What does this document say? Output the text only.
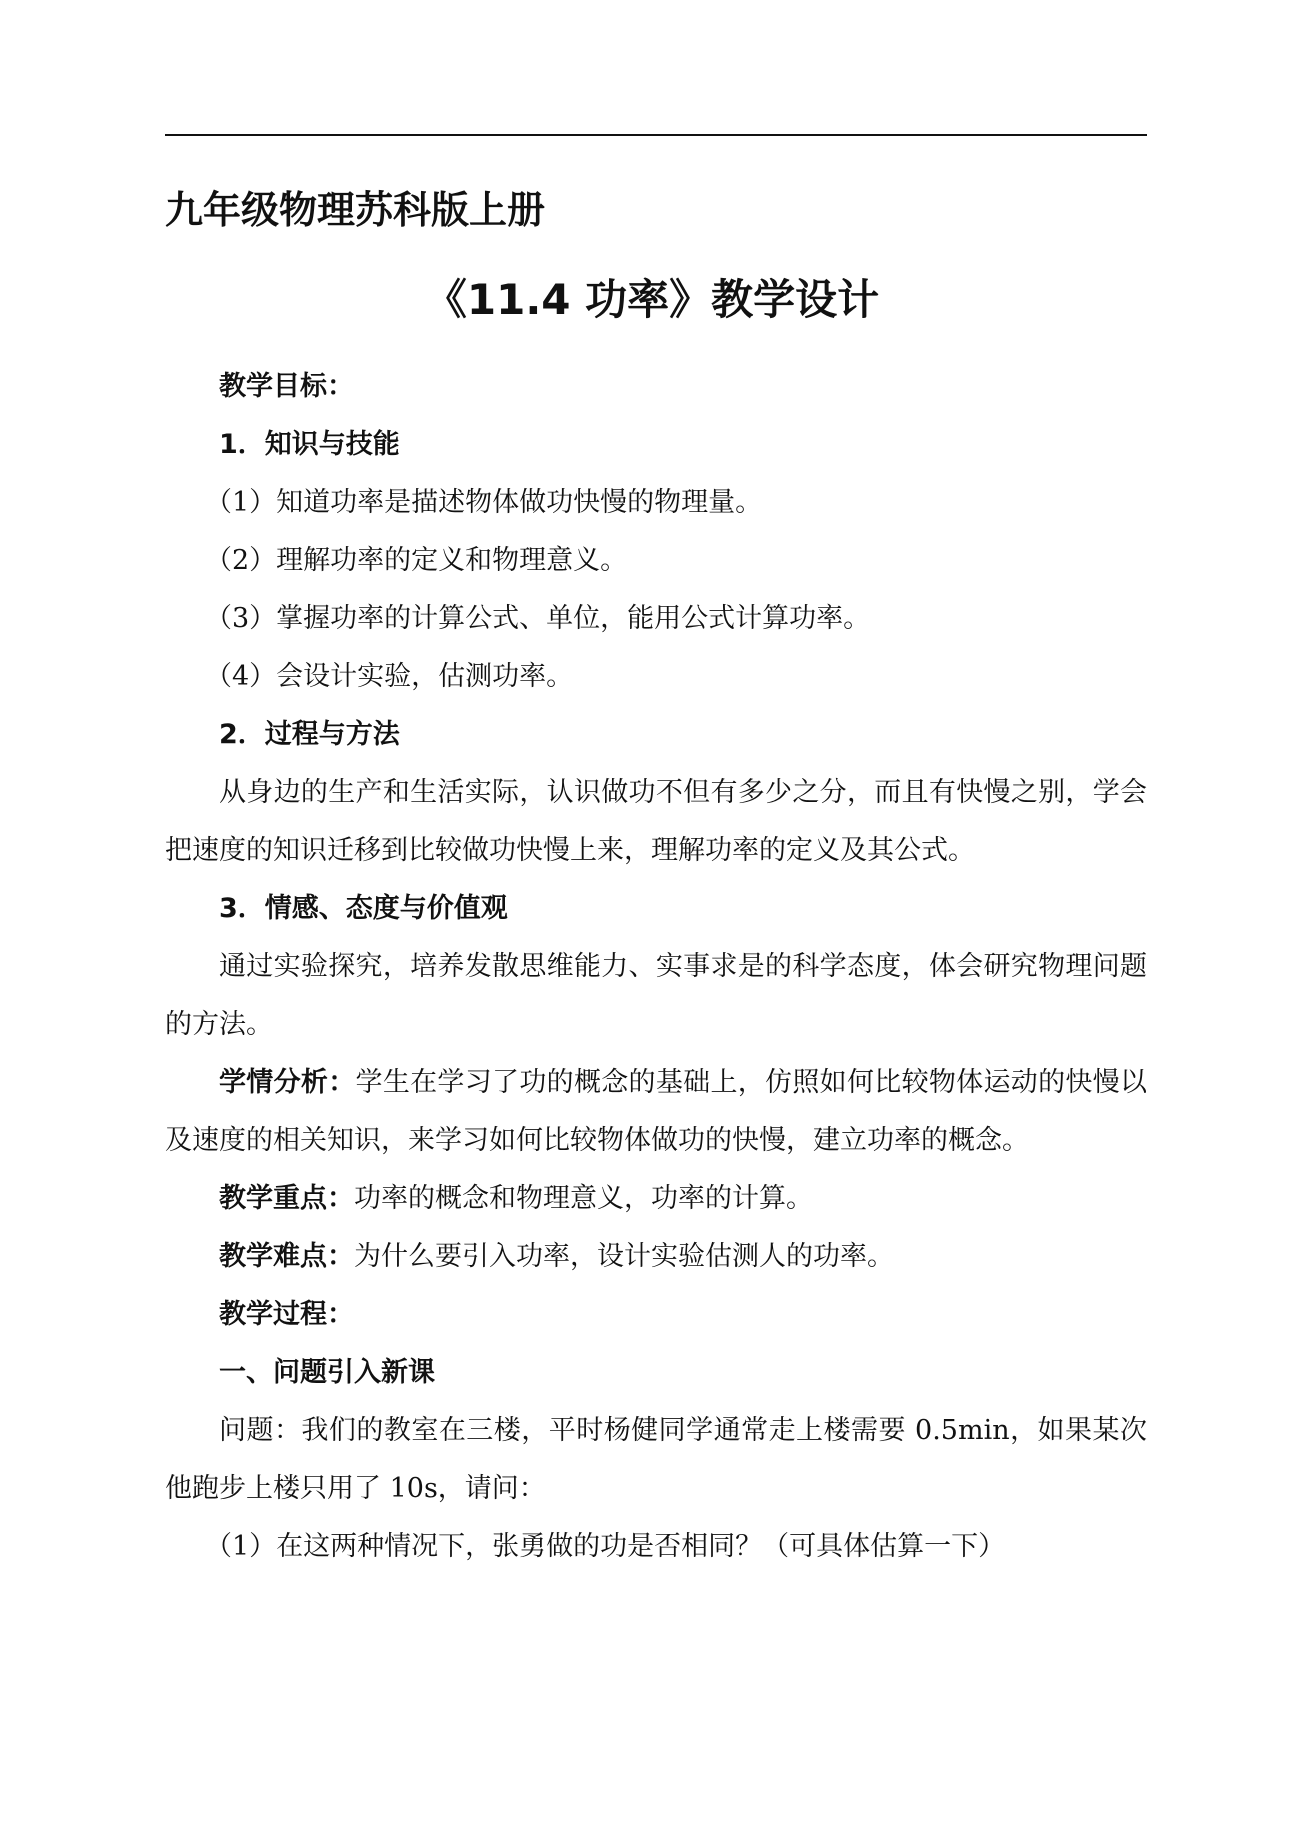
九年级物理苏科版上册
《11.4 功率》教学设计

教学目标：

1．知识与技能

（1）知道功率是描述物体做功快慢的物理量。

（2）理解功率的定义和物理意义。

（3）掌握功率的计算公式、单位，能用公式计算功率。

（4）会设计实验，估测功率。

2．过程与方法

从身边的生产和生活实际，认识做功不但有多少之分，而且有快慢之别，学会把速度的知识迁移到比较做功快慢上来，理解功率的定义及其公式。

3．情感、态度与价值观

通过实验探究，培养发散思维能力、实事求是的科学态度，体会研究物理问题的方法。

学情分析：学生在学习了功的概念的基础上，仿照如何比较物体运动的快慢以及速度的相关知识，来学习如何比较物体做功的快慢，建立功率的概念。

教学重点：功率的概念和物理意义，功率的计算。

教学难点：为什么要引入功率，设计实验估测人的功率。

教学过程：

一、问题引入新课

问题：我们的教室在三楼，平时杨健同学通常走上楼需要 0.5min，如果某次他跑步上楼只用了 10s，请问：

（1）在这两种情况下，张勇做的功是否相同？（可具体估算一下）
